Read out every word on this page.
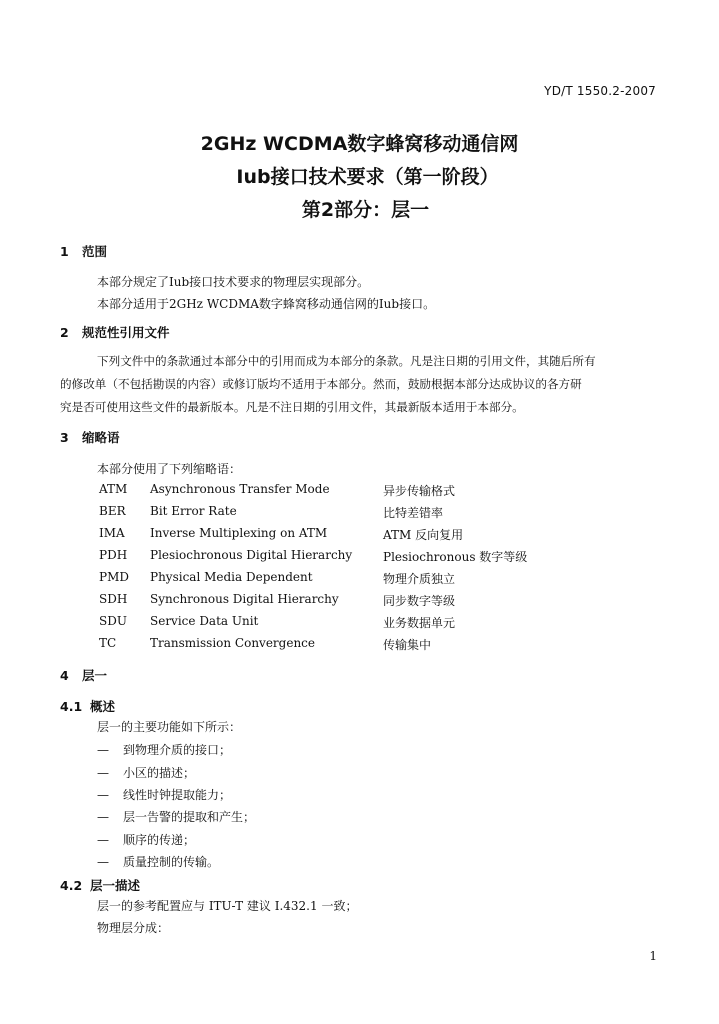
YD/T 1550.2-2007
2GHz WCDMA数字蜂窝移动通信网
Iub接口技术要求（第一阶段）
第2部分：层一
1 范围
本部分规定了Iub接口技术要求的物理层实现部分。
本部分适用于2GHz WCDMA数字蜂窝移动通信网的Iub接口。
2 规范性引用文件
下列文件中的条款通过本部分中的引用而成为本部分的条款。凡是注日期的引用文件，其随后所有
的修改单（不包括勘误的内容）或修订版均不适用于本部分。然而，鼓励根据本部分达成协议的各方研
究是否可使用这些文件的最新版本。凡是不注日期的引用文件，其最新版本适用于本部分。
3 缩略语
本部分使用了下列缩略语：
ATM Asynchronous Transfer Mode	异步传输格式
BER Bit Error Rate	比特差错率
IMA Inverse Multiplexing on ATM	ATM 反向复用
PDH Plesiochronous Digital Hierarchy	Plesiochronous 数字等级
PMD Physical Media Dependent	物理介质独立
SDH Synchronous Digital Hierarchy	同步数字等级
SDU Service Data Unit	业务数据单元
TC	Transmission Convergence	传输集中
4 层一
4.1 概述
层一的主要功能如下所示：
— 到物理介质的接口；
— 小区的描述；
— 线性时钟提取能力；
— 层一告警的提取和产生；
— 顺序的传递；
— 质量控制的传输。
4.2 层一描述
层一的参考配置应与 ITU-T 建议 I.432.1 一致；
物理层分成：
1
